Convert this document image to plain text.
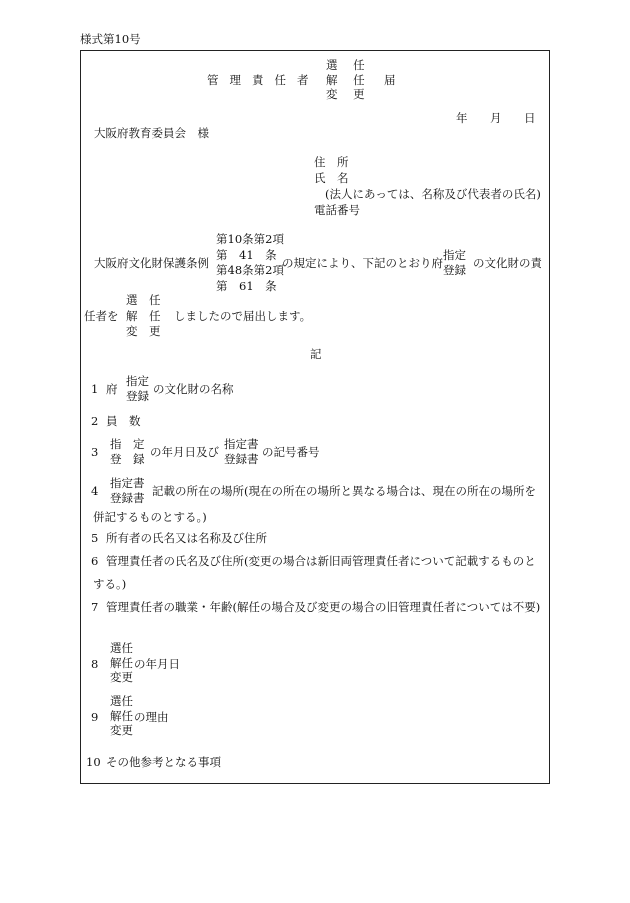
様式第10号
管理責任者
選 任
解 任
変 更
届
年 月 日
大阪府教育委員会　様
住　所
氏　名
(法人にあっては、名称及び代表者の氏名)
電話番号
大阪府文化財保護条例
第10条第2項
第　41　条
第48条第2項
第　61　条
の規定により、下記のとおり府
指定
登録 の文化財の責
任者を
選　任
解　任
変　更
しましたので届出します。
記
1 府
指定
登録 の文化財の名称
2 員　数
3
指　定
登　録 の年月日及び
指定書
登録書 の記号番号
4
指定書
登録書 記載の所在の場所(現在の所在の場所と異なる場合は、現在の所在の場所を
併記するものとする。)
5 所有者の氏名又は名称及び住所
6 管理責任者の氏名及び住所(変更の場合は新旧両管理責任者について記載するものと
する。)
7 管理責任者の職業・年齢(解任の場合及び変更の場合の旧管理責任者については不要)
8
選任
解任
変更
の年月日
9
選任
解任
変更
の理由
10 その他参考となる事項
